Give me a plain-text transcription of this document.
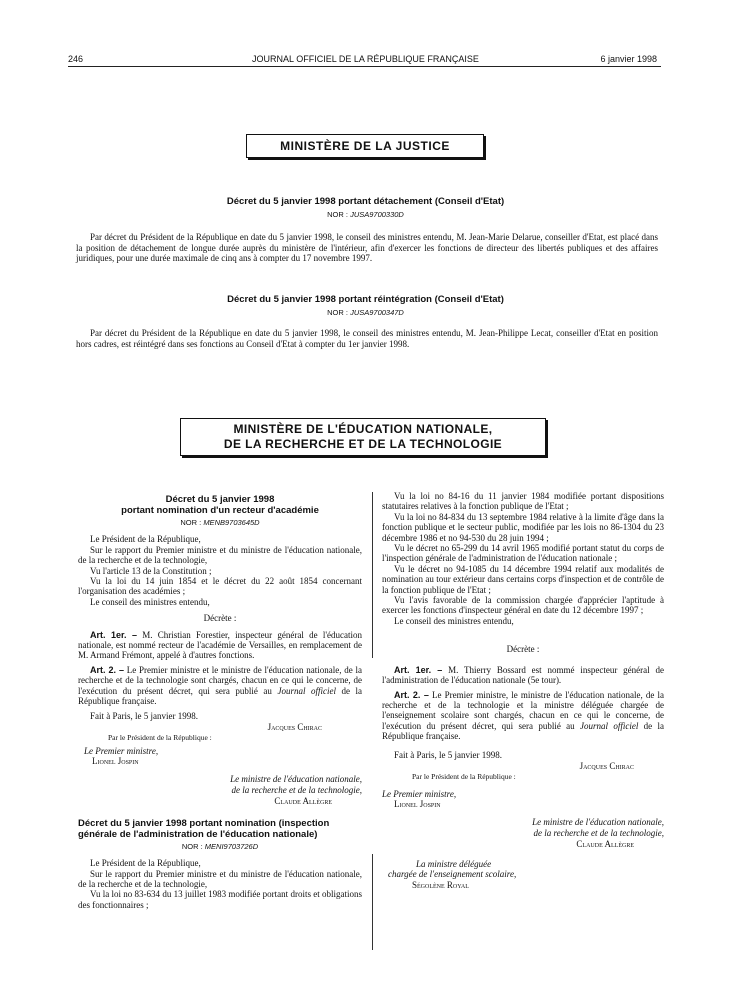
246	JOURNAL OFFICIEL DE LA RÉPUBLIQUE FRANÇAISE	6 janvier 1998
MINISTÈRE DE LA JUSTICE
Décret du 5 janvier 1998 portant détachement (Conseil d'Etat)
NOR : JUSA9700330D
Par décret du Président de la République en date du 5 janvier 1998, le conseil des ministres entendu, M. Jean-Marie Delarue, conseiller d'Etat, est placé dans la position de détachement de longue durée auprès du ministère de l'intérieur, afin d'exercer les fonctions de directeur des libertés publiques et des affaires juridiques, pour une durée maximale de cinq ans à compter du 17 novembre 1997.
Décret du 5 janvier 1998 portant réintégration (Conseil d'Etat)
NOR : JUSA9700347D
Par décret du Président de la République en date du 5 janvier 1998, le conseil des ministres entendu, M. Jean-Philippe Lecat, conseiller d'Etat en position hors cadres, est réintégré dans ses fonctions au Conseil d'Etat à compter du 1er janvier 1998.
MINISTÈRE DE L'ÉDUCATION NATIONALE,
DE LA RECHERCHE ET DE LA TECHNOLOGIE
Décret du 5 janvier 1998
portant nomination d'un recteur d'académie
NOR : MENB9703645D

Le Président de la République,

Sur le rapport du Premier ministre et du ministre de l'éducation nationale, de la recherche et de la technologie,

Vu l'article 13 de la Constitution ;

Vu la loi du 14 juin 1854 et le décret du 22 août 1854 concernant l'organisation des académies ;

Le conseil des ministres entendu,

Décrète :

Art. 1er. – M. Christian Forestier, inspecteur général de l'éducation nationale, est nommé recteur de l'académie de Versailles, en remplacement de M. Armand Frémont, appelé à d'autres fonctions.

Art. 2. – Le Premier ministre et le ministre de l'éducation nationale, de la recherche et de la technologie sont chargés, chacun en ce qui le concerne, de l'exécution du présent décret, qui sera publié au Journal officiel de la République française.

Fait à Paris, le 5 janvier 1998.

Jacques Chirac
Par le Président de la République :
Le Premier ministre,
Lionel Jospin
Le ministre de l'éducation nationale,
de la recherche et de la technologie,
Claude Allègre
Décret du 5 janvier 1998 portant nomination (inspection générale de l'administration de l'éducation nationale)
NOR : MENI9703726D

Le Président de la République,

Sur le rapport du Premier ministre et du ministre de l'éducation nationale, de la recherche et de la technologie,

Vu la loi no 83-634 du 13 juillet 1983 modifiée portant droits et obligations des fonctionnaires ;

Vu la loi no 84-16 du 11 janvier 1984 modifiée portant dispositions statutaires relatives à la fonction publique de l'Etat ;

Vu la loi no 84-834 du 13 septembre 1984 relative à la limite d'âge dans la fonction publique et le secteur public, modifiée par les lois no 86-1304 du 23 décembre 1986 et no 94-530 du 28 juin 1994 ;

Vu le décret no 65-299 du 14 avril 1965 modifié portant statut du corps de l'inspection générale de l'administration de l'éducation nationale ;

Vu le décret no 94-1085 du 14 décembre 1994 relatif aux modalités de nomination au tour extérieur dans certains corps d'inspection et de contrôle de la fonction publique de l'Etat ;

Vu l'avis favorable de la commission chargée d'apprécier l'aptitude à exercer les fonctions d'inspecteur général en date du 12 décembre 1997 ;

Le conseil des ministres entendu,

Décrète :

Art. 1er. – M. Thierry Bossard est nommé inspecteur général de l'administration de l'éducation nationale (5e tour).

Art. 2. – Le Premier ministre, le ministre de l'éducation nationale, de la recherche et de la technologie et la ministre déléguée chargée de l'enseignement scolaire sont chargés, chacun en ce qui le concerne, de l'exécution du présent décret, qui sera publié au Journal officiel de la République française.

Fait à Paris, le 5 janvier 1998.

Jacques Chirac
Par le Président de la République :
Le Premier ministre,
Lionel Jospin
Le ministre de l'éducation nationale,
de la recherche et de la technologie,
Claude Allègre
La ministre déléguée
chargée de l'enseignement scolaire,
Ségolène Royal
